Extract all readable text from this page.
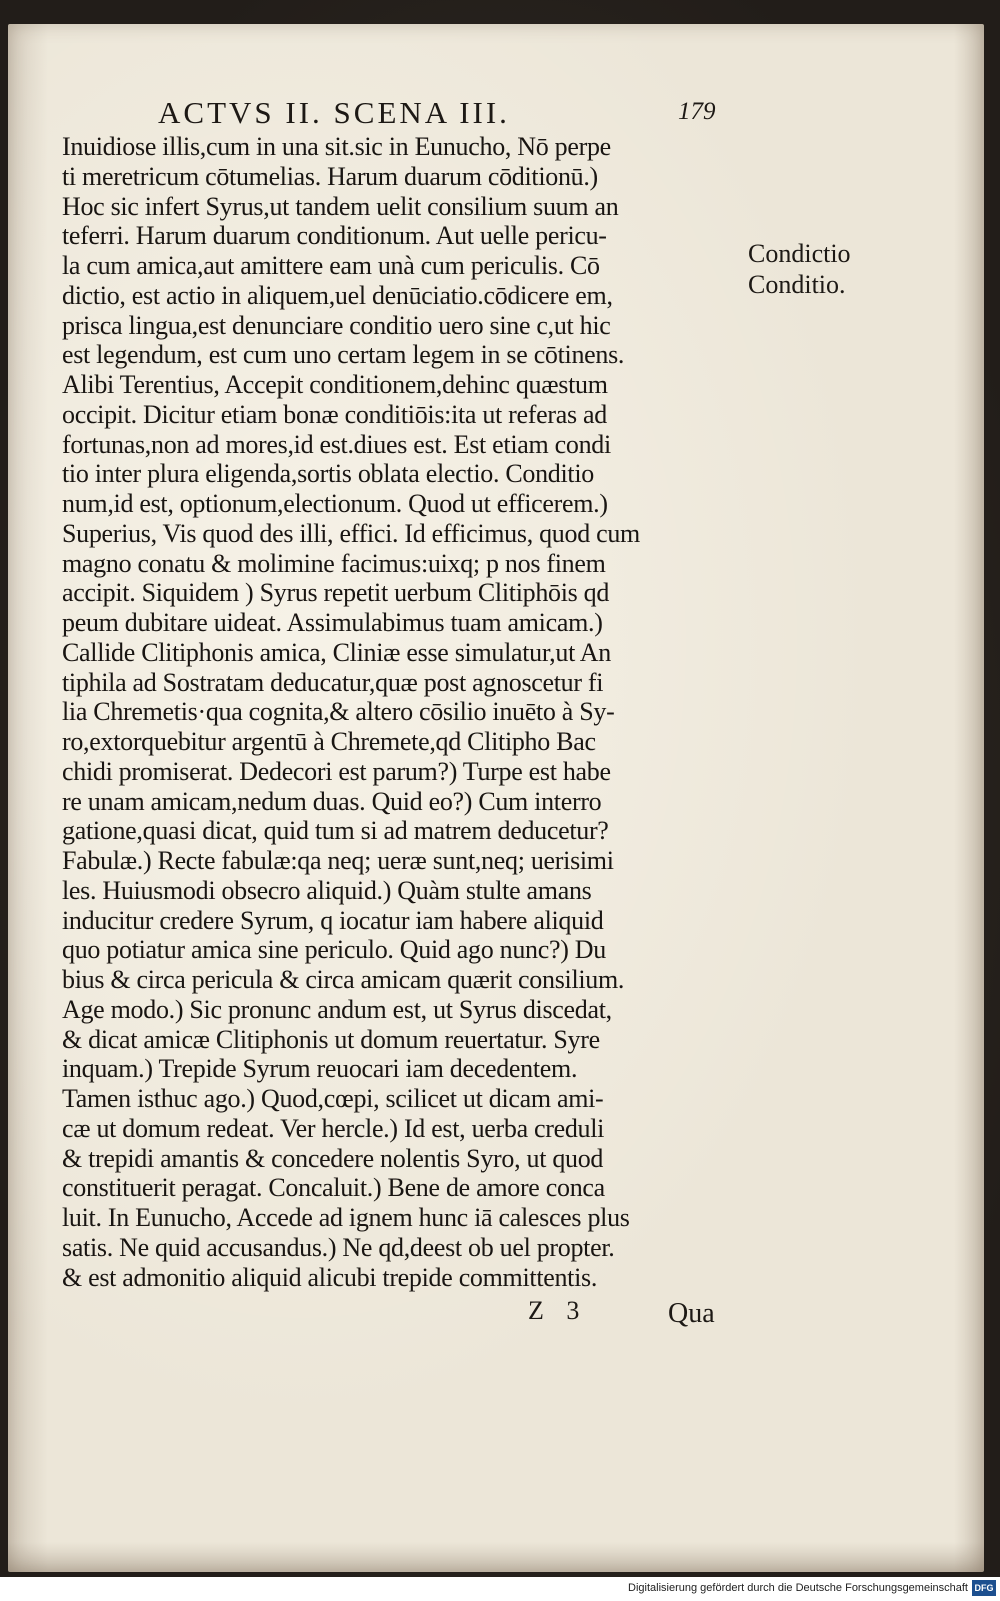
ACTVS II. SCENA III.	179
Inuidiose illis,cum in una sit.sic in Eunucho, Nō perpe
ti meretricum cōtumelias. Harum duarum cōditionū.)
Hoc sic infert Syrus,ut tandem uelit consilium suum an
teferri. Harum duarum conditionum. Aut uelle pericu-
la cum amica,aut amittere eam unà cum periculis. Cō
dictio, est actio in aliquem,uel denūciatio.cōdicere em,
prisca lingua,est denunciare conditio uero sine c,ut hic
est legendum, est cum uno certam legem in se cōtinens.
Alibi Terentius, Accepit conditionem,dehinc quæstum
occipit. Dicitur etiam bonæ conditiōis:ita ut referas ad
fortunas,non ad mores,id est.diues est. Est etiam condi
tio inter plura eligenda,sortis oblata electio. Conditio
num,id est, optionum,electionum. Quod ut efficerem.)
Superius, Vis quod des illi, effici. Id efficimus, quod cum
magno conatu & molimine facimus:uixq; p nos finem
accipit. Siquidem ) Syrus repetit uerbum Clitiphōis qd
peum dubitare uideat. Assimulabimus tuam amicam.)
Callide Clitiphonis amica, Cliniæ esse simulatur,ut An
tiphila ad Sostratam deducatur,quæ post agnoscetur fi
lia Chremetis·qua cognita,& altero cōsilio inuēto à Sy-
ro,extorquebitur argentū à Chremete,qd Clitipho Bac
chidi promiserat. Dedecori est parum?) Turpe est habe
re unam amicam,nedum duas. Quid eo?) Cum interro
gatione,quasi dicat, quid tum si ad matrem deducetur?
Fabulæ.) Recte fabulæ:qa neq; ueræ sunt,neq; uerisimi
les. Huiusmodi obsecro aliquid.) Quàm stulte amans
inducitur credere Syrum, q iocatur iam habere aliquid
quo potiatur amica sine periculo. Quid ago nunc?) Du
bius & circa pericula & circa amicam quærit consilium.
Age modo.) Sic pronunc andum est, ut Syrus discedat,
& dicat amicæ Clitiphonis ut domum reuertatur. Syre
inquam.) Trepide Syrum reuocari iam decedentem.
Tamen isthuc ago.) Quod,cœpi, scilicet ut dicam ami-
cæ ut domum redeat. Ver hercle.) Id est, uerba creduli
& trepidi amantis & concedere nolentis Syro, ut quod
constituerit peragat. Concaluit.) Bene de amore conca
luit. In Eunucho, Accede ad ignem hunc iā calesces plus
satis. Ne quid accusandus.) Ne qd,deest ob uel propter.
& est admonitio aliquid alicubi trepide committentis.
Condictio
Conditio.
Z 3	Qua
Digitalisierung gefördert durch die Deutsche Forschungsgemeinschaft DFG
